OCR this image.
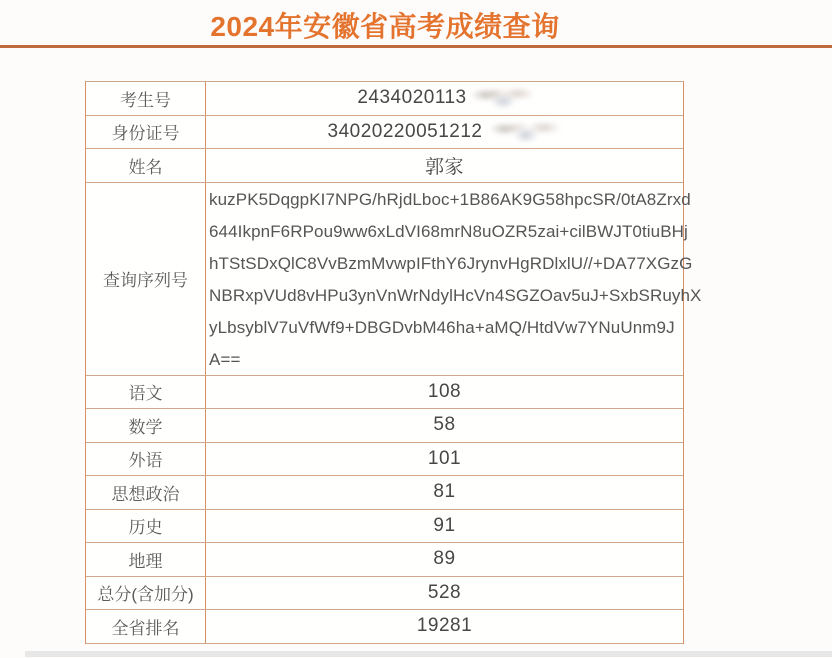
2024年安徽省高考成绩查询
考生号	2434020113
身份证号	34020220051212
姓名	郭家
查询序列号
kuzPK5DqgpKI7NPG/hRjdLboc+1B86AK9G58hpcSR/0tA8Zrxd
644IkpnF6RPou9ww6xLdVI68mrN8uOZR5zai+cilBWJT0tiuBHj
hTStSDxQlC8VvBzmMvwpIFthY6JrynvHgRDlxlU//+DA77XGzG
NBRxpVUd8vHPu3ynVnWrNdylHcVn4SGZOav5uJ+SxbSRuyhX
yLbsyblV7uVfWf9+DBGDvbM46ha+aMQ/HtdVw7YNuUnm9J
A==
语文	108
数学	58
外语	101
思想政治	81
历史	91
地理	89
总分(含加分)	528
全省排名	19281
